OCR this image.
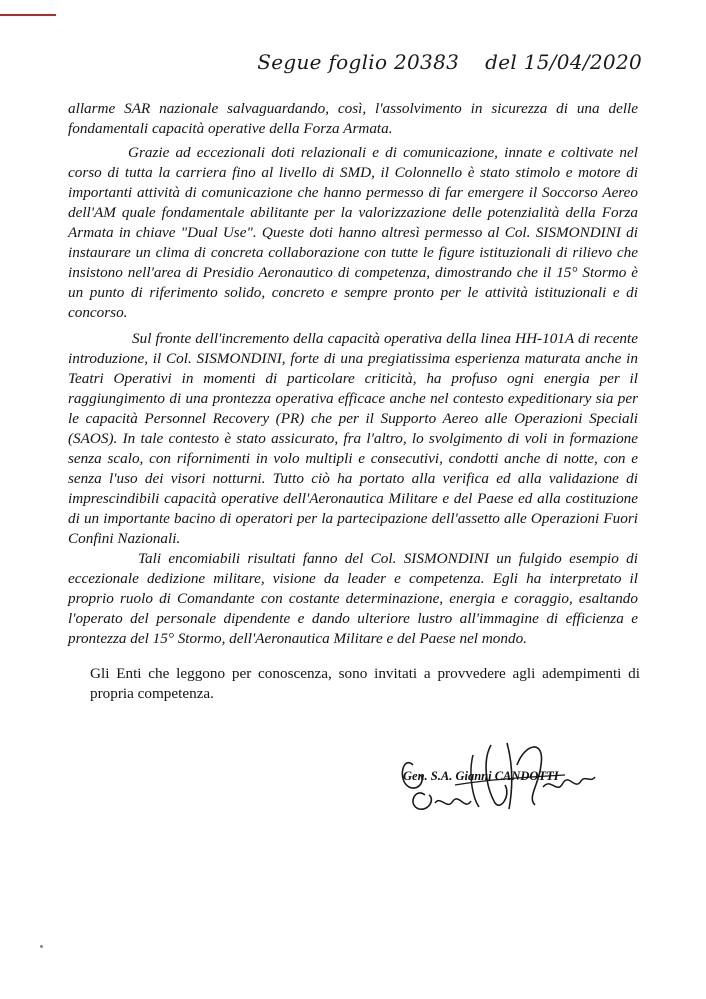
Segue foglio 20383 del 15/04/2020

allarme SAR nazionale salvaguardando, così, l'assolvimento in sicurezza di una delle fondamentali capacità operative della Forza Armata.

Grazie ad eccezionali doti relazionali e di comunicazione, innate e coltivate nel corso di tutta la carriera fino al livello di SMD, il Colonnello è stato stimolo e motore di importanti attività di comunicazione che hanno permesso di far emergere il Soccorso Aereo dell'AM quale fondamentale abilitante per la valorizzazione delle potenzialità della Forza Armata in chiave "Dual Use". Queste doti hanno altresì permesso al Col. SISMONDINI di instaurare un clima di concreta collaborazione con tutte le figure istituzionali di rilievo che insistono nell'area di Presidio Aeronautico di competenza, dimostrando che il 15° Stormo è un punto di riferimento solido, concreto e sempre pronto per le attività istituzionali e di concorso.

Sul fronte dell'incremento della capacità operativa della linea HH-101A di recente introduzione, il Col. SISMONDINI, forte di una pregiatissima esperienza maturata anche in Teatri Operativi in momenti di particolare criticità, ha profuso ogni energia per il raggiungimento di una prontezza operativa efficace anche nel contesto expeditionary sia per le capacità Personnel Recovery (PR) che per il Supporto Aereo alle Operazioni Speciali (SAOS). In tale contesto è stato assicurato, fra l'altro, lo svolgimento di voli in formazione senza scalo, con rifornimenti in volo multipli e consecutivi, condotti anche di notte, con e senza l'uso dei visori notturni. Tutto ciò ha portato alla verifica ed alla validazione di imprescindibili capacità operative dell'Aeronautica Militare e del Paese ed alla costituzione di un importante bacino di operatori per la partecipazione dell'assetto alle Operazioni Fuori Confini Nazionali.

Tali encomiabili risultati fanno del Col. SISMONDINI un fulgido esempio di eccezionale dedizione militare, visione da leader e competenza. Egli ha interpretato il proprio ruolo di Comandante con costante determinazione, energia e coraggio, esaltando l'operato del personale dipendente e dando ulteriore lustro all'immagine di efficienza e prontezza del 15° Stormo, dell'Aeronautica Militare e del Paese nel mondo.

Gli Enti che leggono per conoscenza, sono invitati a provvedere agli adempimenti di propria competenza.

Gen. S.A. Gianni CANDOTTI
